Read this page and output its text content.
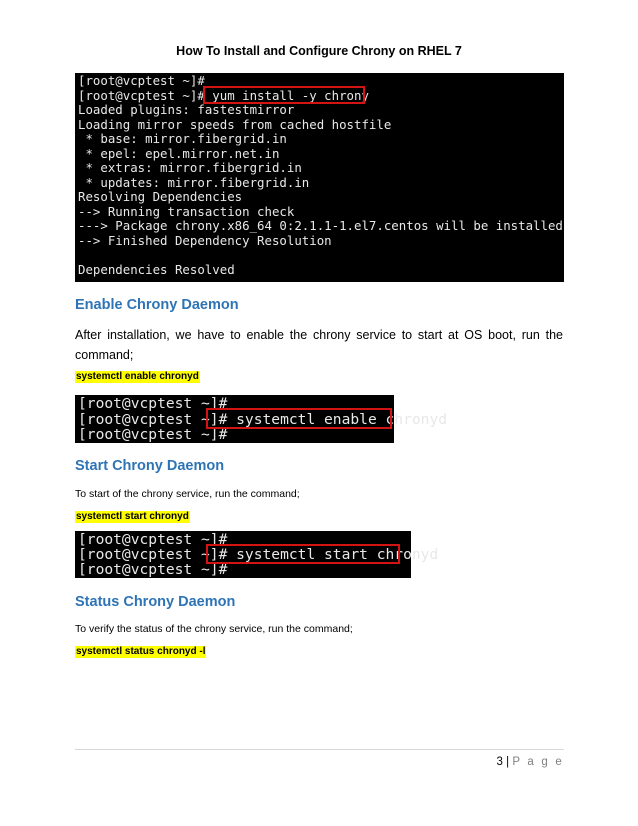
How To Install and Configure Chrony on RHEL 7
[root@vcptest ~]#
[root@vcptest ~]# yum install -y chrony
Loaded plugins: fastestmirror
Loading mirror speeds from cached hostfile
* base: mirror.fibergrid.in
* epel: epel.mirror.net.in
* extras: mirror.fibergrid.in
* updates: mirror.fibergrid.in
Resolving Dependencies
--> Running transaction check
---> Package chrony.x86_64 0:2.1.1-1.el7.centos will be installed
--> Finished Dependency Resolution
Dependencies Resolved
Enable Chrony Daemon

After installation, we have to enable the chrony service to start at OS boot, run the command;

systemctl enable chronyd
[root@vcptest ~]#
[root@vcptest ~]# systemctl enable chronyd
[root@vcptest ~]#
Start Chrony Daemon

To start of the chrony service, run the command;

systemctl start chronyd
[root@vcptest ~]#
[root@vcptest ~]# systemctl start chronyd
[root@vcptest ~]#
Status Chrony Daemon

To verify the status of the chrony service, run the command;

systemctl status chronyd -l
3 | P a g e
